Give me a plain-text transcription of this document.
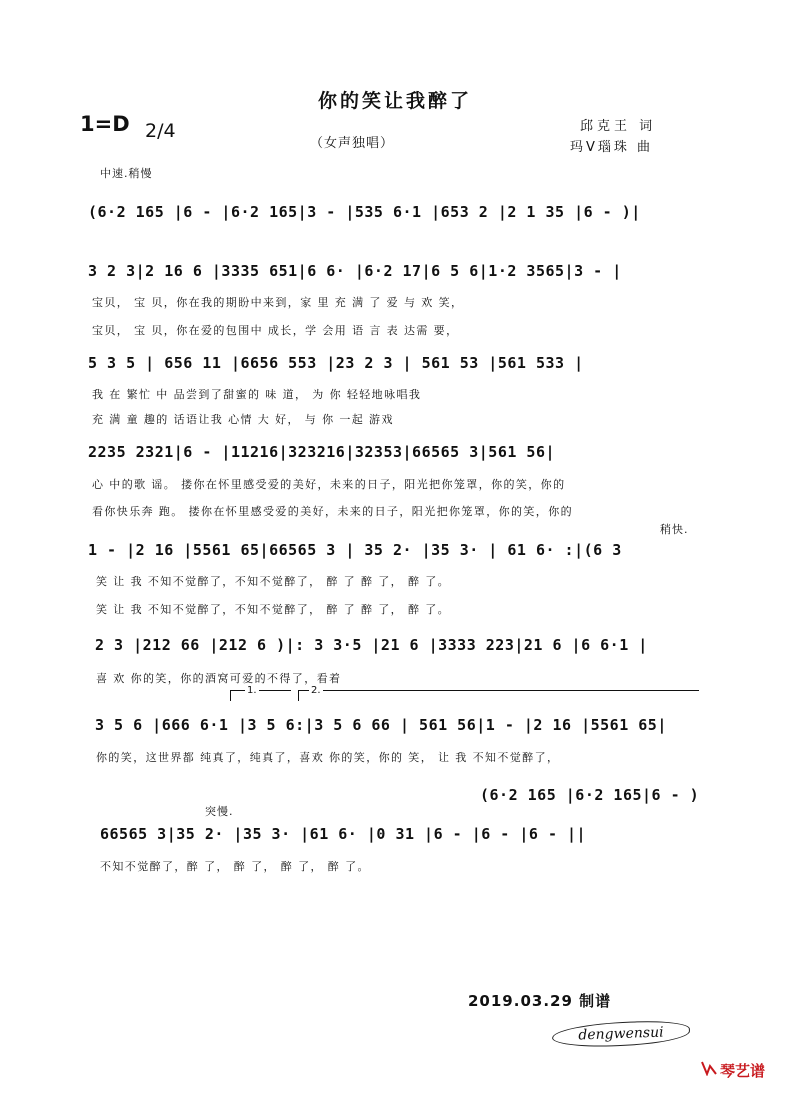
你的笑让我醉了
1=D 2/4
（女声独唱）
邱克王 词
玛V瑙珠 曲
中速.稍慢
(6·2 165 |6 - |6·2 165|3 - |535 6·1 |653 2 |2 1 35 |6 - )|
3 2 3|2 16 6 |3335 651|6 6· |6·2 17|6 5 6|1·2 3565|3 - |
宝贝， 宝 贝，你在我的期盼中来到，家 里 充 满 了 爱 与 欢 笑，
宝贝， 宝 贝，你在爱的包围中 成长，学 会用 语 言 表 达需 要，
5 3 5 | 656 11 |6656 553 |23 2 3 | 561 53 |561 533 |
我 在 繁忙 中 品尝到了甜蜜的 味 道， 为 你 轻轻地咏唱我
充 满 童 趣的 话语让我 心情 大 好， 与 你 一起 游戏
2235 2321|6 - |11216|323216|32353|66565 3|561 56|
心 中的歌 谣。 搂你在怀里感受爱的美好，未来的日子，阳光把你笼罩，你的笑，你的
看你快乐奔 跑。 搂你在怀里感受爱的美好，未来的日子，阳光把你笼罩，你的笑，你的
稍快.
1 - |2 16 |5561 65|66565 3 | 35 2· |35 3· | 61 6· :|(6 3
笑 让 我 不知不觉醉了，不知不觉醉了， 醉 了 醉 了， 醉 了。
笑 让 我 不知不觉醉了，不知不觉醉了， 醉 了 醉 了， 醉 了。
2 3 |212 66 |212 6 )|: 3 3·5 |21 6 |3333 223|21 6 |6 6·1 |
喜 欢 你的笑，你的酒窝可爱的不得了，看着
1.	2.
3 5 6 |666 6·1 |3 5 6:|3 5 6 66 | 561 56|1 - |2 16 |5561 65|
你的笑，这世界都 纯真了，纯真了，喜欢 你的笑，你的 笑， 让 我 不知不觉醉了，
(6·2 165 |6·2 165|6 - )
突慢.
66565 3|35 2· |35 3· |61 6· |0 31 |6 - |6 - |6 - ||
不知不觉醉了，醉 了， 醉 了， 醉 了， 醉 了。
2019.03.29 制谱
dengwensui
琴艺谱
